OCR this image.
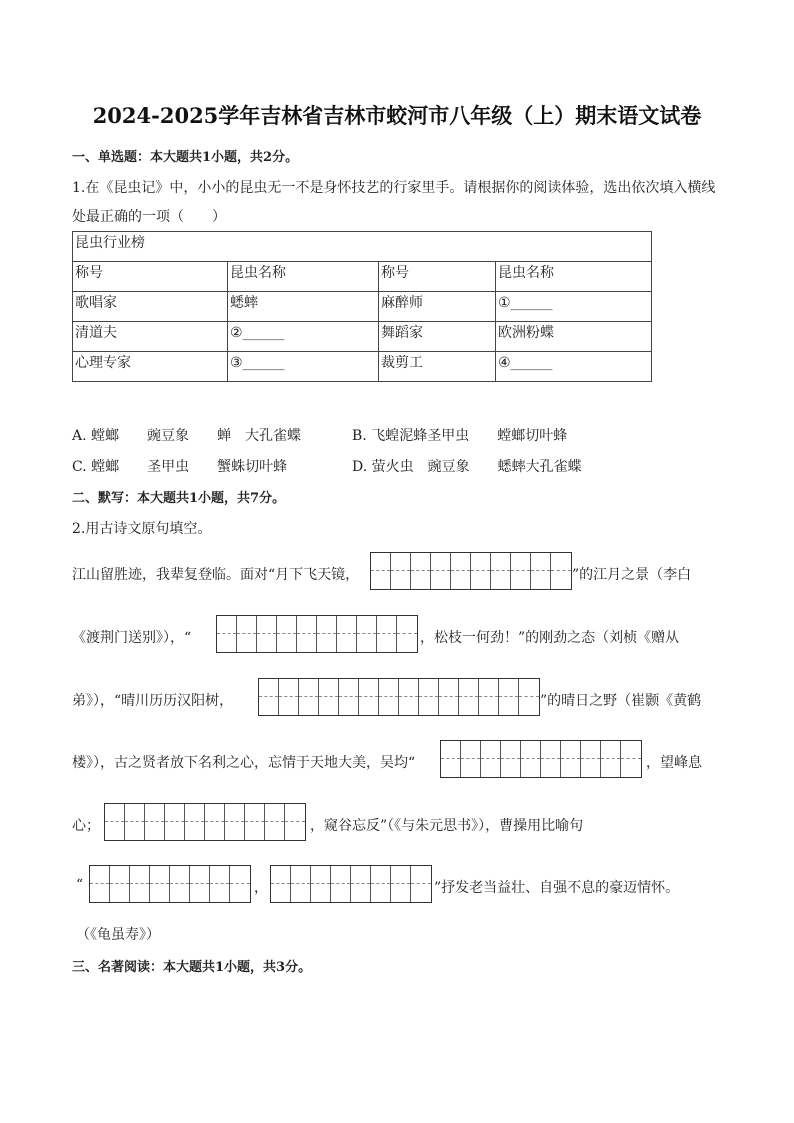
2024-2025学年吉林省吉林市蛟河市八年级（上）期末语文试卷
一、单选题：本大题共1小题，共2分。
1.在《昆虫记》中，小小的昆虫无一不是身怀技艺的行家里手。请根据你的阅读体验，选出依次填入横线
处最正确的一项（　　）
昆虫行业榜			
称号	昆虫名称	称号	昆虫名称
歌唱家	蟋蟀	麻醉师	①______
清道夫	②______	舞蹈家	欧洲粉蝶
心理专家	③______	裁剪工	④______
A. 螳螂　　豌豆象　　蝉　大孔雀蝶	B. 飞蝗泥蜂圣甲虫　　螳螂切叶蜂
C. 螳螂　　圣甲虫　　蟹蛛切叶蜂	D. 萤火虫　豌豆象　　蟋蟀大孔雀蝶
二、默写：本大题共1小题，共7分。
2.用古诗文原句填空。
江山留胜迹，我辈复登临。面对“月下飞天镜，	”的江月之景（李白
《渡荆门送别》），“	，松枝一何劲！”的刚劲之态（刘桢《赠从
弟》），“晴川历历汉阳树，	”的晴日之野（崔颢《黄鹤
楼》），古之贤者放下名利之心，忘情于天地大美，吴均“	，望峰息
心；	，窥谷忘反”（《与朱元思书》），曹操用比喻句
“	，	”抒发老当益壮、自强不息的豪迈情怀。
（《龟虽寿》）
三、名著阅读：本大题共1小题，共3分。
